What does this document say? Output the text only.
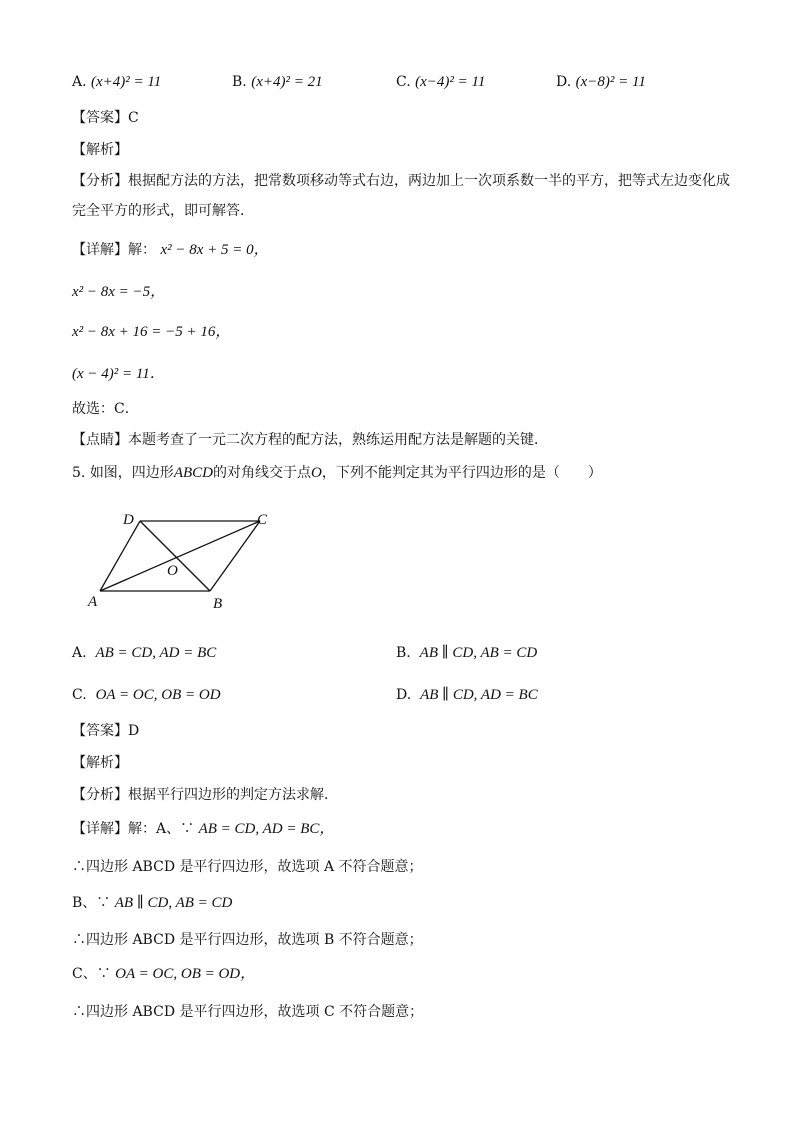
A. (x+4)² = 11	B. (x+4)² = 21	C. (x−4)² = 11	D. (x−8)² = 11
【答案】C
【解析】
【分析】根据配方法的方法，把常数项移动等式右边，两边加上一次项系数一半的平方，把等式左边变化成完全平方的形式，即可解答．
【详解】解： x² − 8x + 5 = 0，
x² − 8x = −5，
x² − 8x + 16 = −5 + 16，
(x − 4)² = 11．
故选：C．
【点睛】本题考查了一元二次方程的配方法，熟练运用配方法是解题的关键．
5. 如图，四边形ABCD的对角线交于点O，下列不能判定其为平行四边形的是（　　）
A	B
C
D
O
A. AB = CD, AD = BC	B. AB ∥ CD, AB = CD
C. OA = OC, OB = OD	D. AB ∥ CD, AD = BC
【答案】D
【解析】
【分析】根据平行四边形的判定方法求解．
【详解】解：A、∵ AB = CD, AD = BC，
∴四边形 ABCD 是平行四边形，故选项 A 不符合题意；
B、∵ AB ∥ CD, AB = CD
∴四边形 ABCD 是平行四边形，故选项 B 不符合题意；
C、∵ OA = OC, OB = OD，
∴四边形 ABCD 是平行四边形，故选项 C 不符合题意；
